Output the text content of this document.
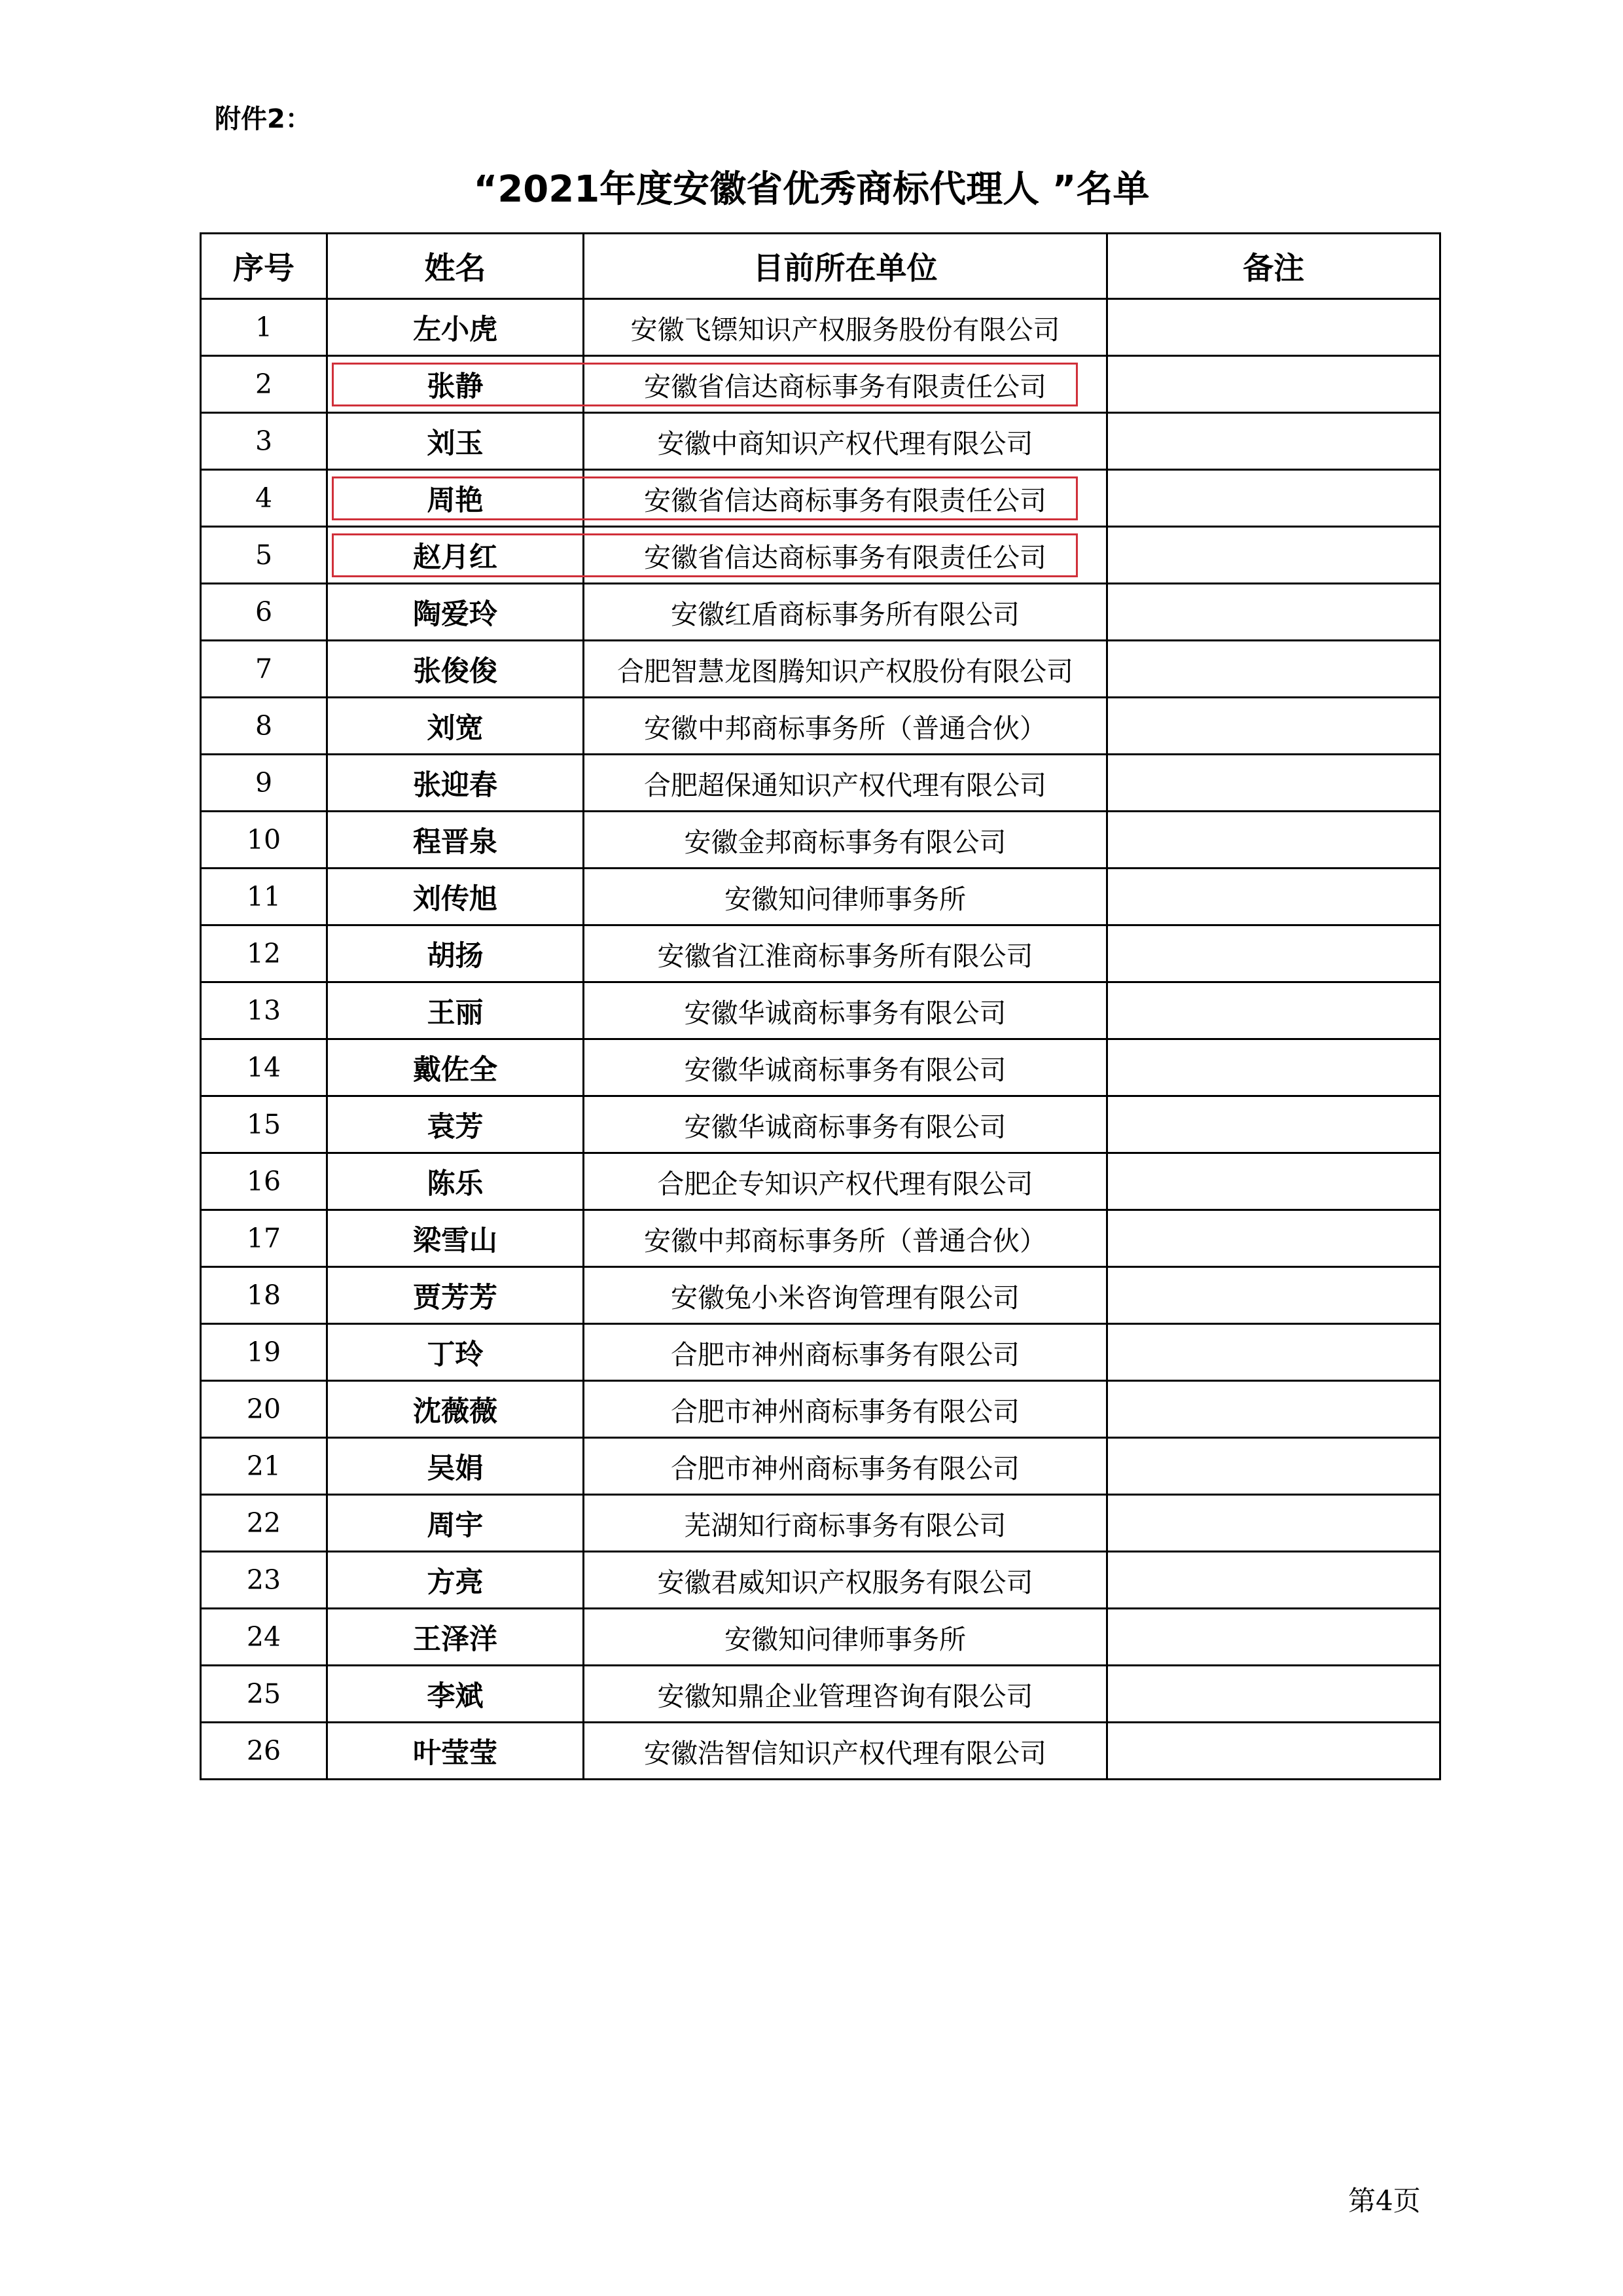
附件2：
“2021年度安徽省优秀商标代理人 ”名单
序号	姓名	目前所在单位	备注
1	左小虎	安徽飞镖知识产权服务股份有限公司	
2	张静	安徽省信达商标事务有限责任公司	
3	刘玉	安徽中商知识产权代理有限公司	
4	周艳	安徽省信达商标事务有限责任公司	
5	赵月红	安徽省信达商标事务有限责任公司	
6	陶爱玲	安徽红盾商标事务所有限公司	
7	张俊俊	合肥智慧龙图腾知识产权股份有限公司	
8	刘宽	安徽中邦商标事务所（普通合伙）	
9	张迎春	合肥超保通知识产权代理有限公司	
10	程晋泉	安徽金邦商标事务有限公司	
11	刘传旭	安徽知问律师事务所	
12	胡扬	安徽省江淮商标事务所有限公司	
13	王丽	安徽华诚商标事务有限公司	
14	戴佐全	安徽华诚商标事务有限公司	
15	袁芳	安徽华诚商标事务有限公司	
16	陈乐	合肥企专知识产权代理有限公司	
17	梁雪山	安徽中邦商标事务所（普通合伙）	
18	贾芳芳	安徽兔小米咨询管理有限公司	
19	丁玲	合肥市神州商标事务有限公司	
20	沈薇薇	合肥市神州商标事务有限公司	
21	吴娟	合肥市神州商标事务有限公司	
22	周宇	芜湖知行商标事务有限公司	
23	方亮	安徽君威知识产权服务有限公司	
24	王泽洋	安徽知问律师事务所	
25	李斌	安徽知鼎企业管理咨询有限公司	
26	叶莹莹	安徽浩智信知识产权代理有限公司	
第4页
